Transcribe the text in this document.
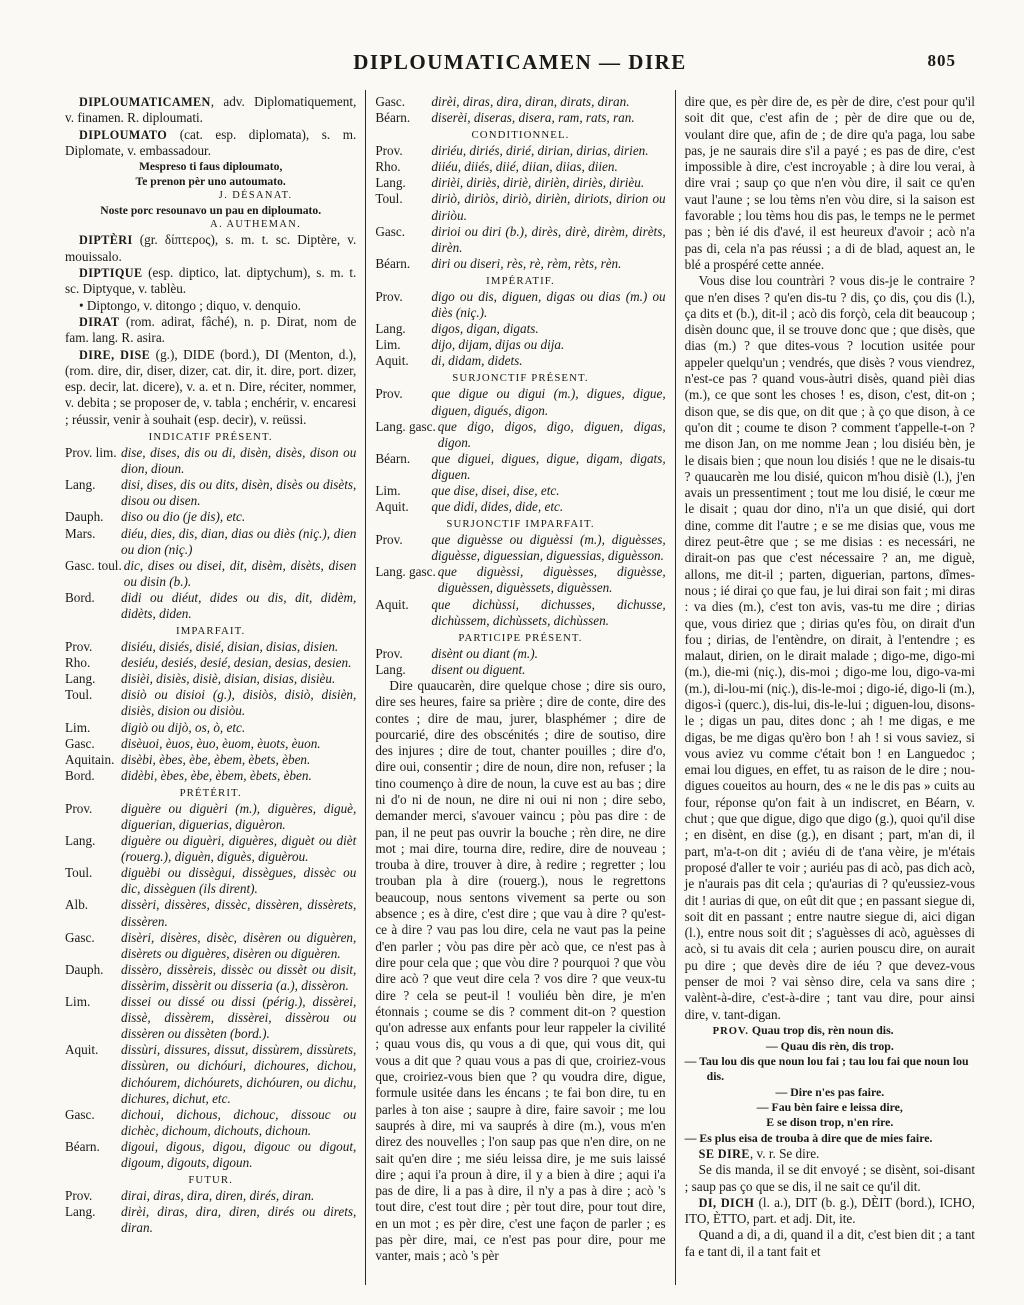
DIPLOUMATICAMEN — DIRE	805

DIPLOUMATICAMEN, adv. Diplomatiquement, v. finamen. R. diploumati.

DIPLOUMATO (cat. esp. diplomata), s. m. Diplomate, v. embassadour.

Mespreso ti faus diploumato,

Te prenon pèr uno autoumato.

J. DÉSANAT.

Noste porc resounavo un pau en diploumato.

A. AUTHEMAN.

DIPTÈRI (gr. δίπτερος), s. m. t. sc. Diptère, v. mouissalo.

DIPTIQUE (esp. diptico, lat. diptychum), s. m. t. sc. Diptyque, v. tablèu.

• Diptongo, v. ditongo ; diquo, v. denquio.

DIRAT (rom. adirat, fâché), n. p. Dirat, nom de fam. lang. R. asira.

DIRE, DISE (g.), DIDE (bord.), DI (Menton, d.), (rom. dire, dir, diser, dizer, cat. dir, it. dire, port. dizer, esp. decir, lat. dicere), v. a. et n. Dire, réciter, nommer, v. debita ; se proposer de, v. tabla ; enchérir, v. encaresi ; réussir, venir à souhait (esp. decir), v. reüssi.

INDICATIF PRÉSENT.

Prov. lim. dise, dises, dis ou di, disèn, disès, dison ou dion, dioun.
Lang.	disi, dises, dis ou dits, disèn, disès ou disèts, disou ou disen.
Dauph.	diso ou dio (je dis), etc.
Mars.	diéu, dies, dis, dian, dias ou diès (niç.), dien ou dion (niç.)
Gasc. toul. dic, dises ou disei, dit, disèm, disèts, disen ou disin (b.).
Bord.	didi ou diéut, dides ou dis, dit, didèm, didèts, diden.

IMPARFAIT.

Prov.	disiéu, disiés, disié, disian, disias, disien.
Rho.	desiéu, desiés, desié, desian, desias, desien.
Lang.	disièi, disiès, disiè, disian, disias, disièu.
Toul.	disiò ou disioi (g.), disiòs, disiò, disièn, disiès, dision ou disiòu.
Lim.	digiò ou dijò, os, ò, etc.
Gasc.	disèuoi, èuos, èuo, èuom, èuots, èuon.
Aquitain. disèbi, èbes, èbe, èbem, èbets, èben.
Bord.	didèbi, èbes, èbe, èbem, èbets, èben.

PRÉTÉRIT.

Prov.	diguère ou diguèri (m.), diguères, diguè, diguerian, diguerias, diguèron.
Lang.	diguère ou diguèri, diguères, diguèt ou dièt (rouerg.), diguèn, diguès, diguèrou.
Toul.	diguèbi ou dissègui, dissègues, dissèc ou dic, dissèguen (ils dirent).
Alb.	dissèri, dissères, dissèc, dissèren, dissèrets, dissèren.
Gasc.	disèri, disères, disèc, disèren ou diguèren, disèrets ou diguères, disèren ou diguèren.
Dauph.	dissèro, dissèreis, dissèc ou dissèt ou disit, dissèrim, dissèrit ou disseria (a.), dissèron.
Lim.	dissei ou dissé ou dissi (périg.), dissèrei, dissè, dissèrem, dissèrei, dissèrou ou dissèren ou dissèten (bord.).
Aquit.	dissùri, dissures, dissut, dissùrem, dissùrets, dissùren, ou dichóuri, dichoures, dichou, dichóurem, dichóurets, dichóuren, ou dichu, dichures, dichut, etc.
Gasc.	dichoui, dichous, dichouc, dissouc ou dichèc, dichoum, dichouts, dichoun.
Béarn.	digoui, digous, digou, digouc ou digout, digoum, digouts, digoun.

FUTUR.

Prov.	dirai, diras, dira, diren, dirés, diran.
Lang.	dirèi, diras, dira, diren, dirés ou direts, diran.
Gasc.	dirèi, diras, dira, diran, dirats, diran.
Béarn.	diserèi, diseras, disera, ram, rats, ran.

CONDITIONNEL.

Prov.	diriéu, diriés, dirié, dirian, dirias, dirien.
Rho.	diiéu, diiés, diié, diian, diias, diien.
Lang.	dirièi, diriès, diriè, dirièn, diriès, dirièu.
Toul.	diriò, diriòs, diriò, dirièn, diriots, dirion ou diriòu.
Gasc.	dirioi ou diri (b.), dirès, dirè, dirèm, dirèts, dirèn.
Béarn.	diri ou diseri, rès, rè, rèm, rèts, rèn.

IMPÉRATIF.

Prov.	digo ou dis, diguen, digas ou dias (m.) ou diès (niç.).
Lang.	digos, digan, digats.
Lim.	dijo, dijam, dijas ou dija.
Aquit.	di, didam, didets.

SURJONCTIF PRÉSENT.

Prov.	que digue ou digui (m.), digues, digue, diguen, digués, digon.
Lang. gasc. que digo, digos, digo, diguen, digas, digon.
Béarn.	que diguei, digues, digue, digam, digats, diguen.
Lim.	que dise, disei, dise, etc.
Aquit.	que didi, dides, dide, etc.

SURJONCTIF IMPARFAIT.

Prov.	que diguèsse ou diguèssi (m.), diguèsses, diguèsse, diguessian, diguessias, diguèsson.
Lang. gasc. que diguèssi, diguèsses, diguèsse, diguèssen, diguèssets, diguèssen.
Aquit.	que dichùssi, dichusses, dichusse, dichùssem, dichùssets, dichùssen.

PARTICIPE PRÉSENT.

Prov.	disènt ou diant (m.).
Lang.	disent ou diguent.

Dire quaucarèn, dire quelque chose ; dire sis ouro, dire ses heures, faire sa prière ; dire de conte, dire des contes ; dire de mau, jurer, blasphémer ; dire de pourcarié, dire des obscénités ; dire de soutiso, dire des injures ; dire de tout, chanter pouilles ; dire d'o, dire oui, consentir ; dire de noun, dire non, refuser ; la tino coumenço à dire de noun, la cuve est au bas ; dire ni d'o ni de noun, ne dire ni oui ni non ; dire sebo, demander merci, s'avouer vaincu ; pòu pas dire : de pan, il ne peut pas ouvrir la bouche ; rèn dire, ne dire mot ; mai dire, tourna dire, redire, dire de nouveau ; trouba à dire, trouver à dire, à redire ; regretter ; lou trouban pla à dire (rouerg.), nous le regrettons beaucoup, nous sentons vivement sa perte ou son absence ; es à dire, c'est dire ; que vau à dire ? qu'est-ce à dire ? vau pas lou dire, cela ne vaut pas la peine d'en parler ; vòu pas dire pèr acò que, ce n'est pas à dire pour cela que ; que vòu dire ? pourquoi ? que vòu dire acò ? que veut dire cela ? vos dire ? que veux-tu dire ? cela se peut-il ! vouliéu bèn dire, je m'en étonnais ; coume se dis ? comment dit-on ? question qu'on adresse aux enfants pour leur rappeler la civilité ; quau vous dis, qu vous a di que, qui vous dit, qui vous a dit que ? quau vous a pas di que, croiriez-vous que, croiriez-vous bien que ? qu voudra dire, digue, formule usitée dans les éncans ; te fai bon dire, tu en parles à ton aise ; saupre à dire, faire savoir ; me lou sauprés à dire, mi va sauprés à dire (m.), vous m'en direz des nouvelles ; l'on saup pas que n'en dire, on ne sait qu'en dire ; me siéu leissa dire, je me suis laissé dire ; aqui i'a proun à dire, il y a bien à dire ; aqui i'a pas de dire, li a pas à dire, il n'y a pas à dire ; acò 's tout dire, c'est tout dire ; pèr tout dire, pour tout dire, en un mot ; es pèr dire, c'est une façon de parler ; es pas pèr dire, mai, ce n'est pas pour dire, pour me vanter, mais ; acò 's pèr

dire que, es pèr dire de, es pèr de dire, c'est pour qu'il soit dit que, c'est afin de ; pèr de dire que ou de, voulant dire que, afin de ; de dire qu'a paga, lou sabe pas, je ne saurais dire s'il a payé ; es pas de dire, c'est impossible à dire, c'est incroyable ; à dire lou verai, à dire vrai ; saup ço que n'en vòu dire, il sait ce qu'en vaut l'aune ; se lou tèms n'en vòu dire, si la saison est favorable ; lou tèms hou dis pas, le temps ne le permet pas ; bèn ié dis d'avé, il est heureux d'avoir ; acò n'a pas di, cela n'a pas réussi ; a di de blad, aquest an, le blé a prospéré cette année.

Vous dise lou countràri ? vous dis-je le contraire ? que n'en dises ? qu'en dis-tu ? dis, ço dis, çou dis (l.), ça dits et (b.), dit-il ; acò dis forçò, cela dit beaucoup ; disèn dounc que, il se trouve donc que ; que disès, que dias (m.) ? que dites-vous ? locution usitée pour appeler quelqu'un ; vendrés, que disès ? vous viendrez, n'est-ce pas ? quand vous-àutri disès, quand pièi dias (m.), ce que sont les choses ! es, dison, c'est, dit-on ; dison que, se dis que, on dit que ; à ço que dison, à ce qu'on dit ; coume te dison ? comment t'appelle-t-on ? me dison Jan, on me nomme Jean ; lou disiéu bèn, je le disais bien ; que noun lou disiés ! que ne le disais-tu ? quaucarèn me lou disié, quicon m'hou disiè (l.), j'en avais un pressentiment ; tout me lou disié, le cœur me le disait ; quau dor dino, n'i'a un que disié, qui dort dine, comme dit l'autre ; e se me disias que, vous me direz peut-être que ; se me disias : es necessári, ne dirait-on pas que c'est nécessaire ? an, me diguè, allons, me dit-il ; parten, diguerian, partons, dîmes-nous ; ié dirai ço que fau, je lui dirai son fait ; mi diras : va dies (m.), c'est ton avis, vas-tu me dire ; dirias que, vous diriez que ; dirias qu'es fòu, on dirait d'un fou ; dirias, de l'entèndre, on dirait, à l'entendre ; es malaut, dirien, on le dirait malade ; digo-me, digo-mi (m.), die-mi (niç.), dis-moi ; digo-me lou, digo-va-mi (m.), di-lou-mi (niç.), dis-le-moi ; digo-ié, digo-li (m.), digos-ì (querc.), dis-lui, dis-le-lui ; diguen-lou, disons-le ; digas un pau, dites donc ; ah ! me digas, e me digas, be me digas qu'èro bon ! ah ! si vous saviez, si vous aviez vu comme c'était bon ! en Languedoc ; emai lou digues, en effet, tu as raison de le dire ; nou-digues coueitos au hourn, des « ne le dis pas » cuits au four, réponse qu'on fait à un indiscret, en Béarn, v. chut ; que que digue, digo que digo (g.), quoi qu'il dise ; en disènt, en dise (g.), en disant ; part, m'an di, il part, m'a-t-on dit ; aviéu di de t'ana vèire, je m'étais proposé d'aller te voir ; auriéu pas di acò, pas dich acò, je n'aurais pas dit cela ; qu'aurias di ? qu'eussiez-vous dit ! aurias di que, on eût dit que ; en passant siegue di, soit dit en passant ; entre nautre siegue di, aici digan (l.), entre nous soit dit ; s'aguèsses di acò, aguèsses di acò, si tu avais dit cela ; aurien pouscu dire, on aurait pu dire ; que devès dire de iéu ? que devez-vous penser de moi ? vai sènso dire, cela va sans dire ; valènt-à-dire, c'est-à-dire ; tant vau dire, pour ainsi dire, v. tant-digan.

PROV. Quau trop dis, rèn noun dis.

— Quau dis rèn, dis trop.

— Tau lou dis que noun lou fai ; tau lou fai que noun lou dis.

— Dire n'es pas faire.

— Fau bèn faire e leissa dire,

E se dison trop, n'en rire.

— Es plus eisa de trouba à dire que de mies faire.

SE DIRE, v. r. Se dire.

Se dis manda, il se dit envoyé ; se disènt, soi-disant ; saup pas ço que se dis, il ne sait ce qu'il dit.

DI, DICH (l. a.), DIT (b. g.), DÈIT (bord.), ICHO, ITO, ÈTTO, part. et adj. Dit, ite.

Quand a di, a di, quand il a dit, c'est bien dit ; a tant fa e tant di, il a tant fait et
